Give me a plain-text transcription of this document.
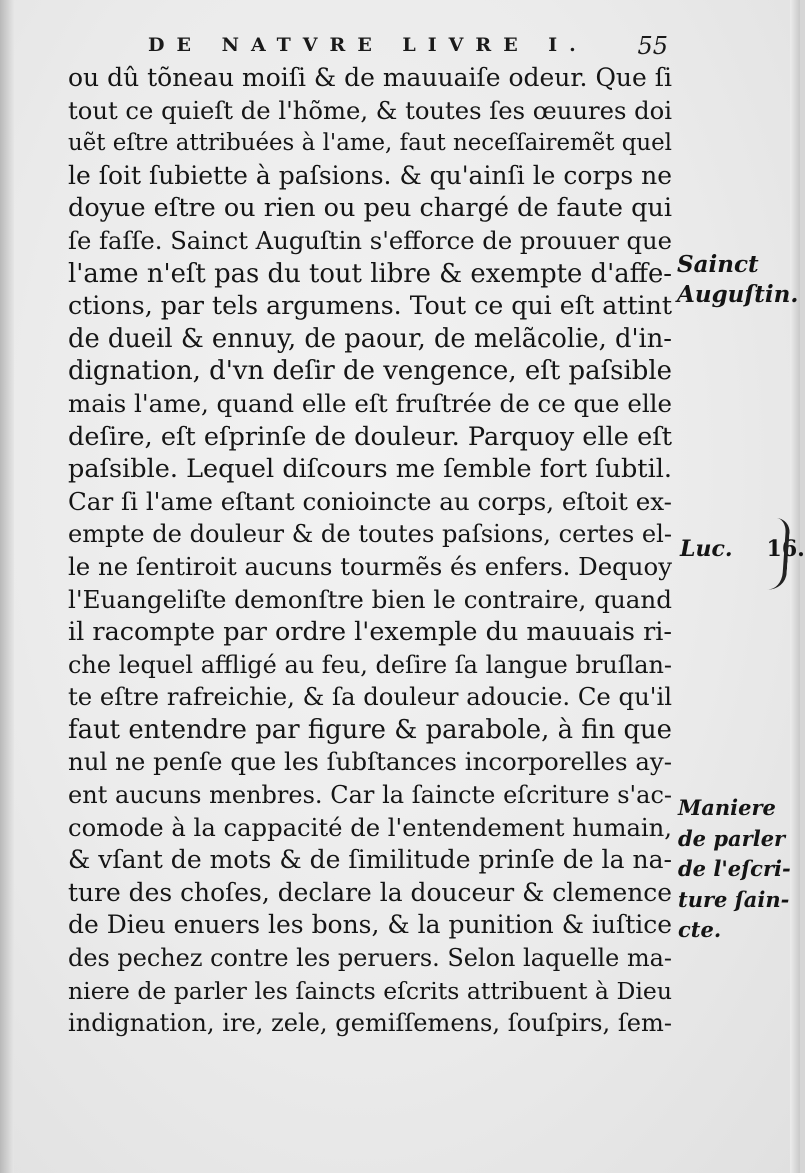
DE NATVRE LIVRE I. 55
ou dû tõneau moiſi & de mauuaiſe odeur. Que ſi
tout ce quieſt de l'hõme, & toutes ſes œuures doi
uẽt eſtre attribuées à l'ame, faut neceſſairemẽt quel
le ſoit ſubiette à paſsions. & qu'ainſi le corps ne
doyue eſtre ou rien ou peu chargé de faute qui
ſe faſſe. Sainct Auguſtin s'efforce de prouuer que
l'ame n'eſt pas du tout libre & exempte d'affe-
ctions, par tels argumens. Tout ce qui eſt attint
de dueil & ennuy, de paour, de melãcolie, d'in-
dignation, d'vn deſir de vengence, eſt paſsible
mais l'ame, quand elle eſt fruſtrée de ce que elle
deſire, eſt eſprinſe de douleur. Parquoy elle eſt
paſsible. Lequel diſcours me ſemble fort ſubtil.
Car ſi l'ame eſtant conioincte au corps, eſtoit ex-
empte de douleur & de toutes paſsions, certes el-
le ne ſentiroit aucuns tourmẽs és enfers. Dequoy
l'Euangeliſte demonſtre bien le contraire, quand
il racompte par ordre l'exemple du mauuais ri-
che lequel affligé au feu, deſire ſa langue bruſlan-
te eſtre rafreichie, & ſa douleur adoucie. Ce qu'il
faut entendre par figure & parabole, à fin que
nul ne penſe que les ſubſtances incorporelles ay-
ent aucuns menbres. Car la ſaincte eſcriture s'ac-
comode à la cappacité de l'entendement humain,
& vſant de mots & de ſimilitude prinſe de la na-
ture des choſes, declare la douceur & clemence
de Dieu enuers les bons, & la punition & iuſtice
des pechez contre les peruers. Selon laquelle ma-
niere de parler les ſaincts eſcrits attribuent à Dieu
indignation, ire, zele, gemiſſemens, ſouſpirs, ſem-
Sainct
Auguſtin.
Luc. 16.
Maniere
de parler
de l'eſcri-
ture ſain-
cte.
